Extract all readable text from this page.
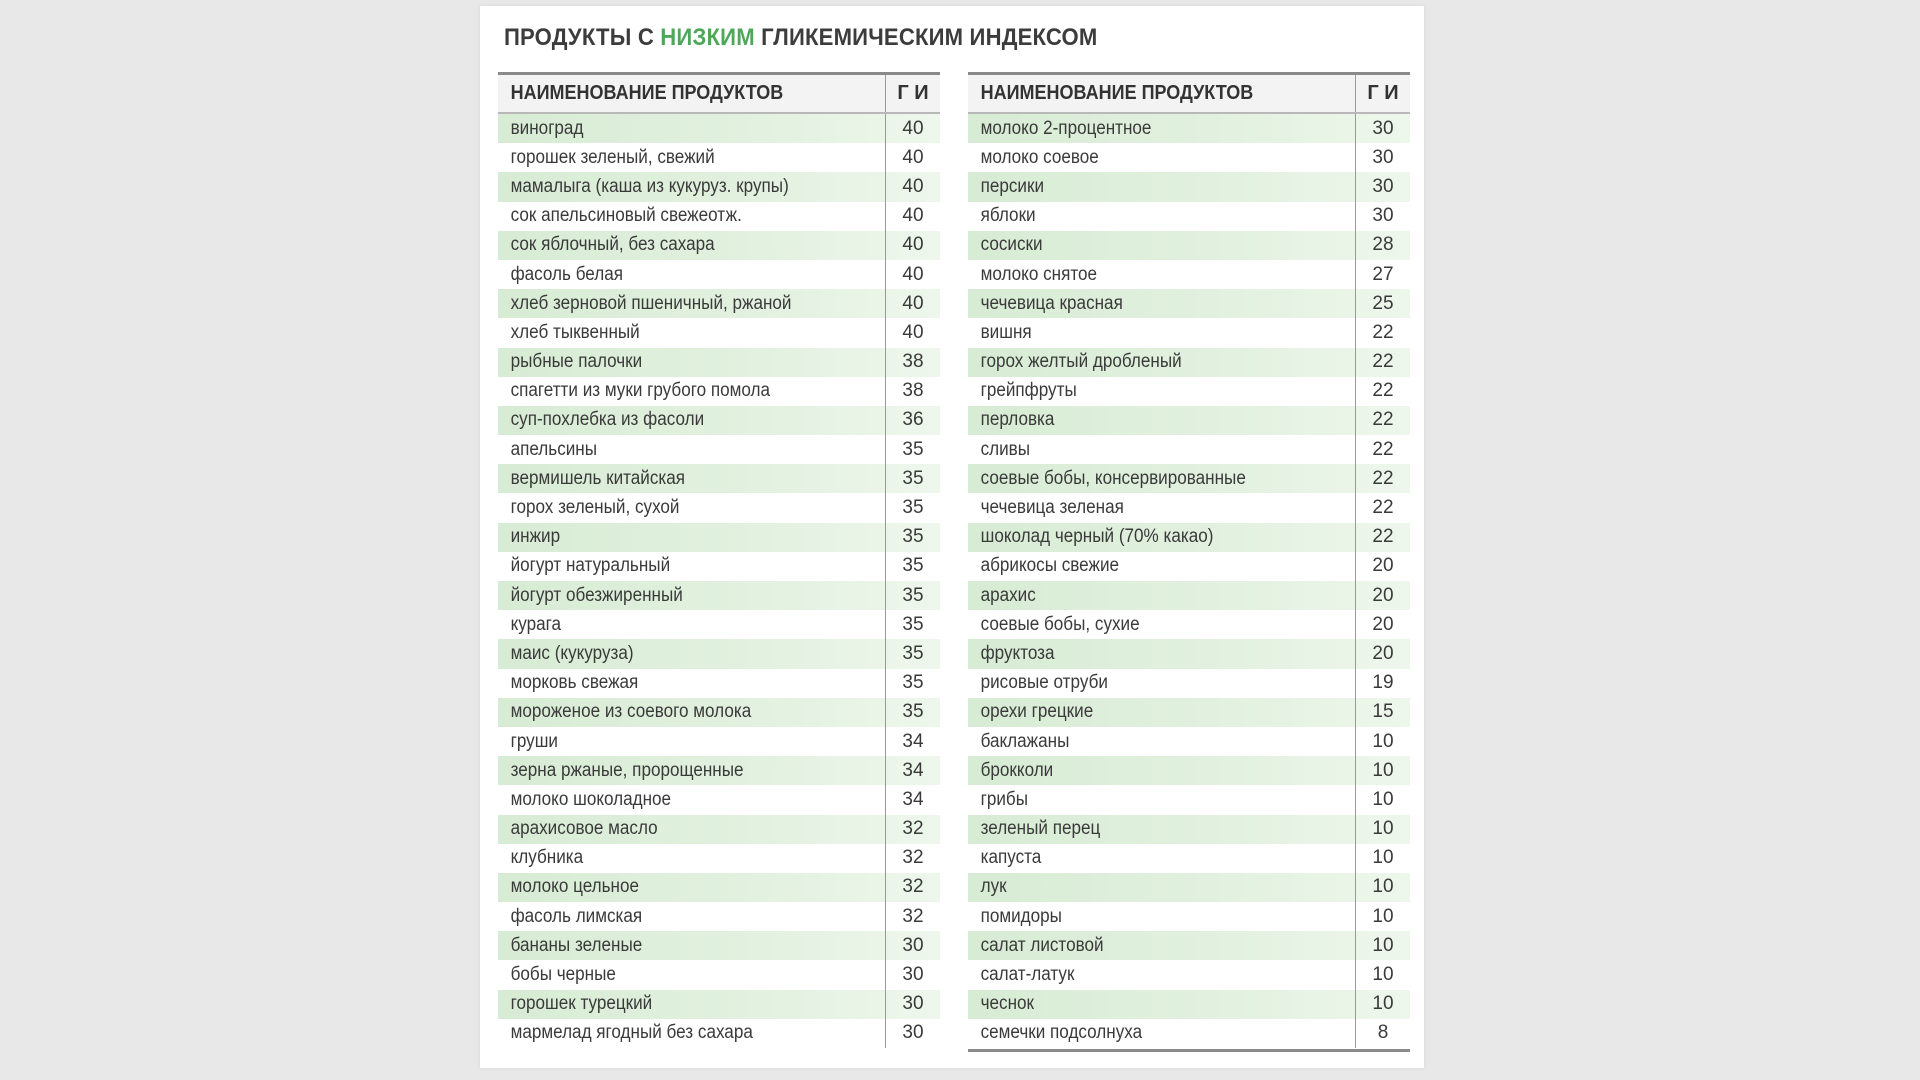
ПРОДУКТЫ С НИЗКИМ ГЛИКЕМИЧЕСКИМ ИНДЕКСОМ
НАИМЕНОВАНИЕ ПРОДУКТОВ	Г И
виноград	40
горошек зеленый, свежий	40
мамалыга (каша из кукуруз. крупы)	40
сок апельсиновый свежеотж.	40
сок яблочный, без сахара	40
фасоль белая	40
хлеб зерновой пшеничный, ржаной	40
хлеб тыквенный	40
рыбные палочки	38
спагетти из муки грубого помола	38
суп-похлебка из фасоли	36
апельсины	35
вермишель китайская	35
горох зеленый, сухой	35
инжир	35
йогурт натуральный	35
йогурт обезжиренный	35
курага	35
маис (кукуруза)	35
морковь свежая	35
мороженое из соевого молока	35
груши	34
зерна ржаные, пророщенные	34
молоко шоколадное	34
арахисовое масло	32
клубника	32
молоко цельное	32
фасоль лимская	32
бананы зеленые	30
бобы черные	30
горошек турецкий	30
мармелад ягодный без сахара	30
НАИМЕНОВАНИЕ ПРОДУКТОВ	Г И
молоко 2-процентное	30
молоко соевое	30
персики	30
яблоки	30
сосиски	28
молоко снятое	27
чечевица красная	25
вишня	22
горох желтый дробленый	22
грейпфруты	22
перловка	22
сливы	22
соевые бобы, консервированные	22
чечевица зеленая	22
шоколад черный (70% какао)	22
абрикосы свежие	20
арахис	20
соевые бобы, сухие	20
фруктоза	20
рисовые отруби	19
орехи грецкие	15
баклажаны	10
брокколи	10
грибы	10
зеленый перец	10
капуста	10
лук	10
помидоры	10
салат листовой	10
салат-латук	10
чеснок	10
семечки подсолнуха	8
